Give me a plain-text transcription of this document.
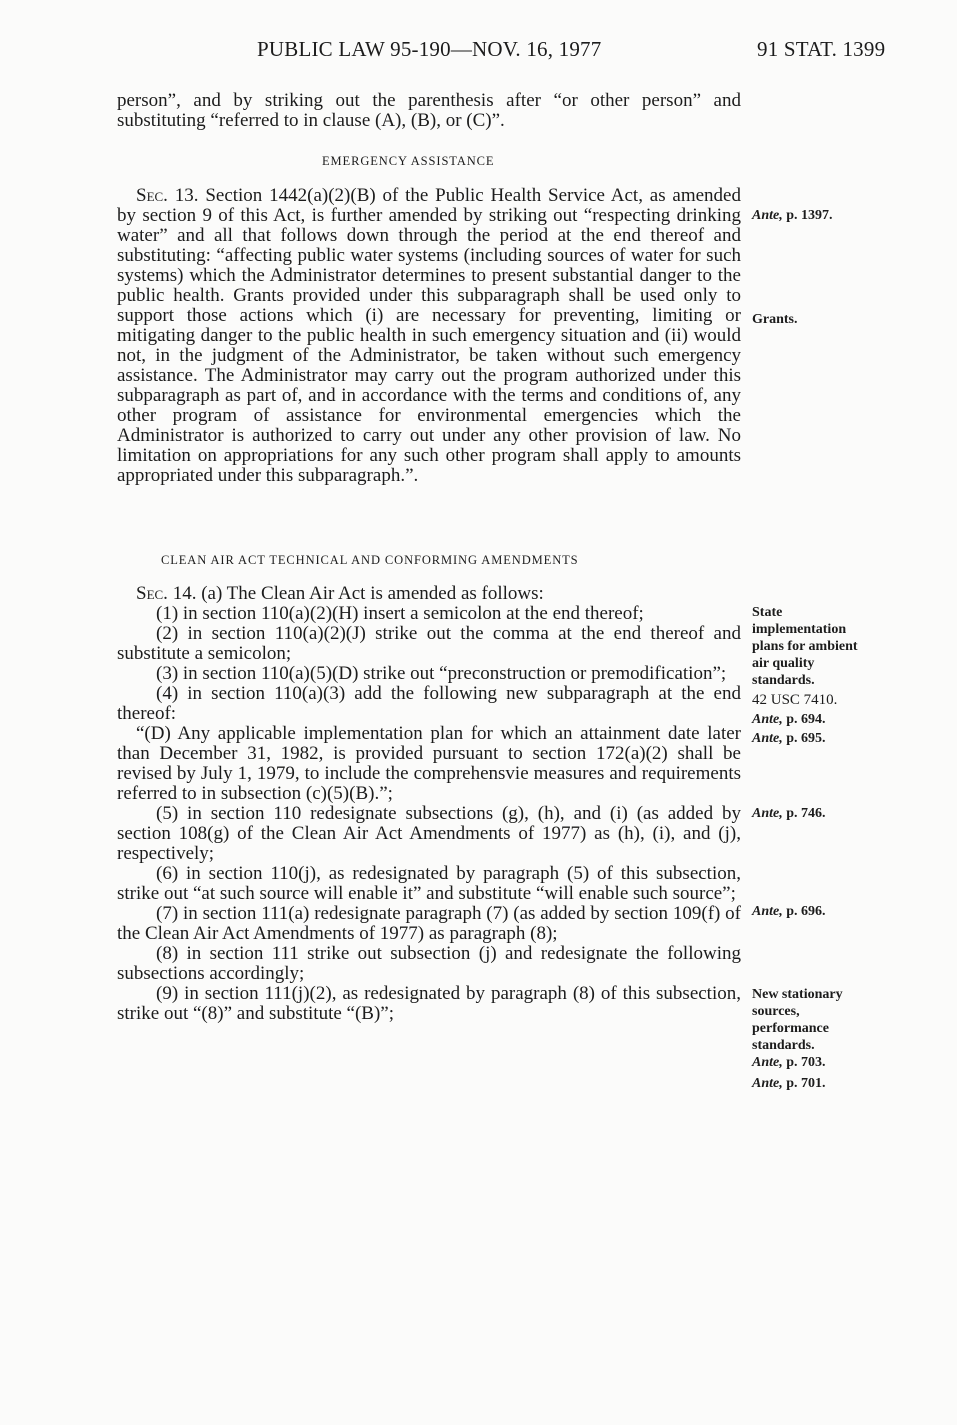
PUBLIC LAW 95-190—NOV. 16, 1977	91 STAT. 1399

person”, and by striking out the parenthesis after “or other person” and substituting “referred to in clause (A), (B), or (C)”.

EMERGENCY ASSISTANCE

Sec. 13. Section 1442(a)(2)(B) of the Public Health Service Act, as amended by section 9 of this Act, is further amended by striking out “respecting drinking water” and all that follows down through the period at the end thereof and substituting: “affecting public water systems (including sources of water for such systems) which the Administrator determines to present substantial danger to the public health. Grants provided under this subparagraph shall be used only to support those actions which (i) are necessary for preventing, limiting or mitigating danger to the public health in such emergency situation and (ii) would not, in the judgment of the Administrator, be taken without such emergency assistance. The Administrator may carry out the program authorized under this subparagraph as part of, and in accordance with the terms and conditions of, any other program of assistance for environmental emergencies which the Administrator is authorized to carry out under any other provision of law. No limitation on appropriations for any such other program shall apply to amounts appropriated under this subparagraph.”.

CLEAN AIR ACT TECHNICAL AND CONFORMING AMENDMENTS

Sec. 14. (a) The Clean Air Act is amended as follows:

(1) in section 110(a)(2)(H) insert a semicolon at the end thereof;

(2) in section 110(a)(2)(J) strike out the comma at the end thereof and substitute a semicolon;

(3) in section 110(a)(5)(D) strike out “preconstruction or premodification”;

(4) in section 110(a)(3) add the following new subparagraph at the end thereof:

“(D) Any applicable implementation plan for which an attainment date later than December 31, 1982, is provided pursuant to section 172(a)(2) shall be revised by July 1, 1979, to include the comprehensvie measures and requirements referred to in subsection (c)(5)(B).”;

(5) in section 110 redesignate subsections (g), (h), and (i) (as added by section 108(g) of the Clean Air Act Amendments of 1977) as (h), (i), and (j), respectively;

(6) in section 110(j), as redesignated by paragraph (5) of this subsection, strike out “at such source will enable it” and substitute “will enable such source”;

(7) in section 111(a) redesignate paragraph (7) (as added by section 109(f) of the Clean Air Act Amendments of 1977) as paragraph (8);

(8) in section 111 strike out subsection (j) and redesignate the following subsections accordingly;

(9) in section 111(j)(2), as redesignated by paragraph (8) of this subsection, strike out “(8)” and substitute “(B)”;

Ante, p. 1397.
Grants.
State
implementation
plans for ambient
air quality
standards.
42 USC 7410.
Ante, p. 694.
Ante, p. 695.
Ante, p. 746.
Ante, p. 696.
New stationary
sources,
performance
standards.
Ante, p. 703.
Ante, p. 701.
